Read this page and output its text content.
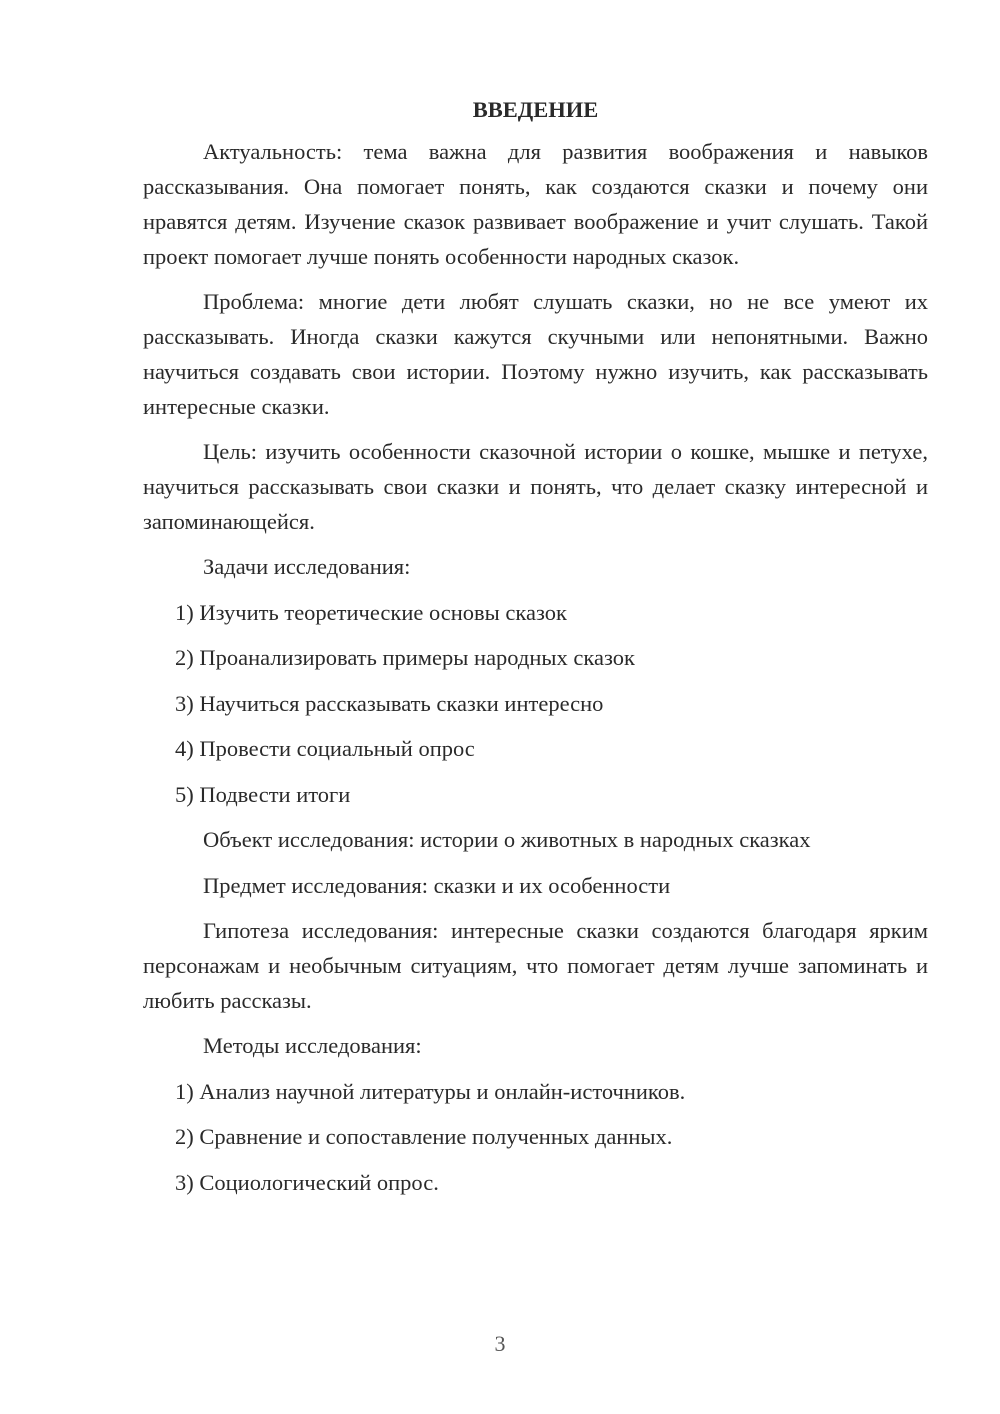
ВВЕДЕНИЕ
Актуальность: тема важна для развития воображения и навыков рассказывания. Она помогает понять, как создаются сказки и почему они нравятся детям. Изучение сказок развивает воображение и учит слушать. Такой проект помогает лучше понять особенности народных сказок.
Проблема: многие дети любят слушать сказки, но не все умеют их рассказывать. Иногда сказки кажутся скучными или непонятными. Важно научиться создавать свои истории. Поэтому нужно изучить, как рассказывать интересные сказки.
Цель: изучить особенности сказочной истории о кошке, мышке и петухе, научиться рассказывать свои сказки и понять, что делает сказку интересной и запоминающейся.
Задачи исследования:
1) Изучить теоретические основы сказок
2) Проанализировать примеры народных сказок
3) Научиться рассказывать сказки интересно
4) Провести социальный опрос
5) Подвести итоги
Объект исследования: истории о животных в народных сказках
Предмет исследования: сказки и их особенности
Гипотеза исследования: интересные сказки создаются благодаря ярким персонажам и необычным ситуациям, что помогает детям лучше запоминать и любить рассказы.
Методы исследования:
1) Анализ научной литературы и онлайн-источников.
2) Сравнение и сопоставление полученных данных.
3) Социологический опрос.
3
